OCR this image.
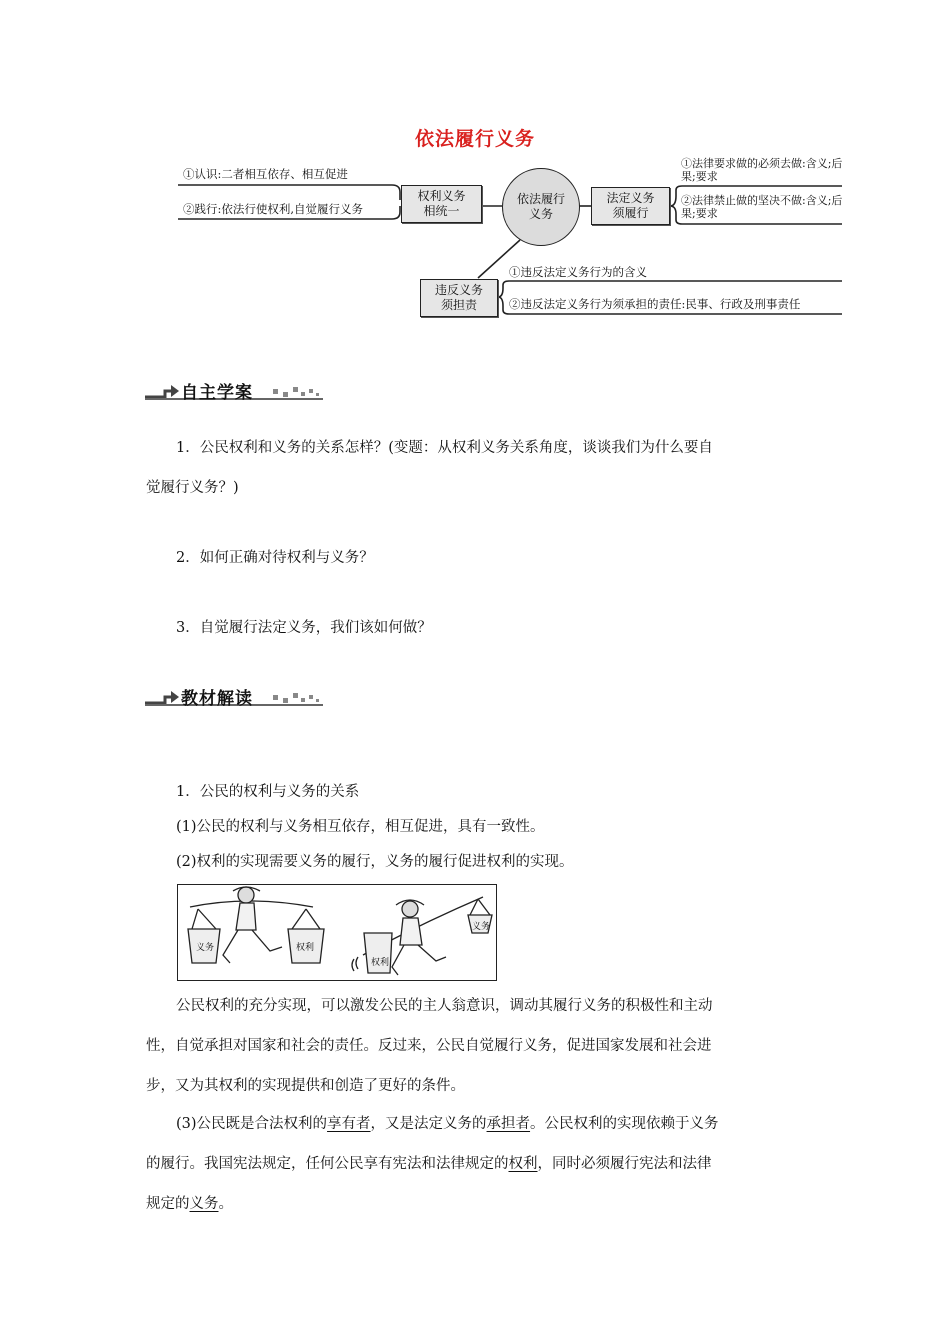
依法履行义务
①认识:二者相互依存、相互促进
②践行:依法行使权利,自觉履行义务
权利义务
相统一
依法履行
义务
法定义务
须履行
①法律要求做的必须去做:含义;后果;要求
②法律禁止做的坚决不做:含义;后果;要求
违反义务
须担责
①违反法定义务行为的含义
②违反法定义务行为须承担的责任:民事、行政及刑事责任
自主学案
1．公民权利和义务的关系怎样？(变题：从权利义务关系角度，谈谈我们为什么要自
觉履行义务？)
2．如何正确对待权利与义务？
3．自觉履行法定义务，我们该如何做？
教材解读
1．公民的权利与义务的关系
(1)公民的权利与义务相互依存，相互促进，具有一致性。
(2)权利的实现需要义务的履行，义务的履行促进权利的实现。
义务	权利
权利
义务
公民权利的充分实现，可以激发公民的主人翁意识，调动其履行义务的积极性和主动
性，自觉承担对国家和社会的责任。反过来，公民自觉履行义务，促进国家发展和社会进
步，又为其权利的实现提供和创造了更好的条件。
(3)公民既是合法权利的享有者，又是法定义务的承担者。公民权利的实现依赖于义务
的履行。我国宪法规定，任何公民享有宪法和法律规定的权利，同时必须履行宪法和法律
规定的义务。
